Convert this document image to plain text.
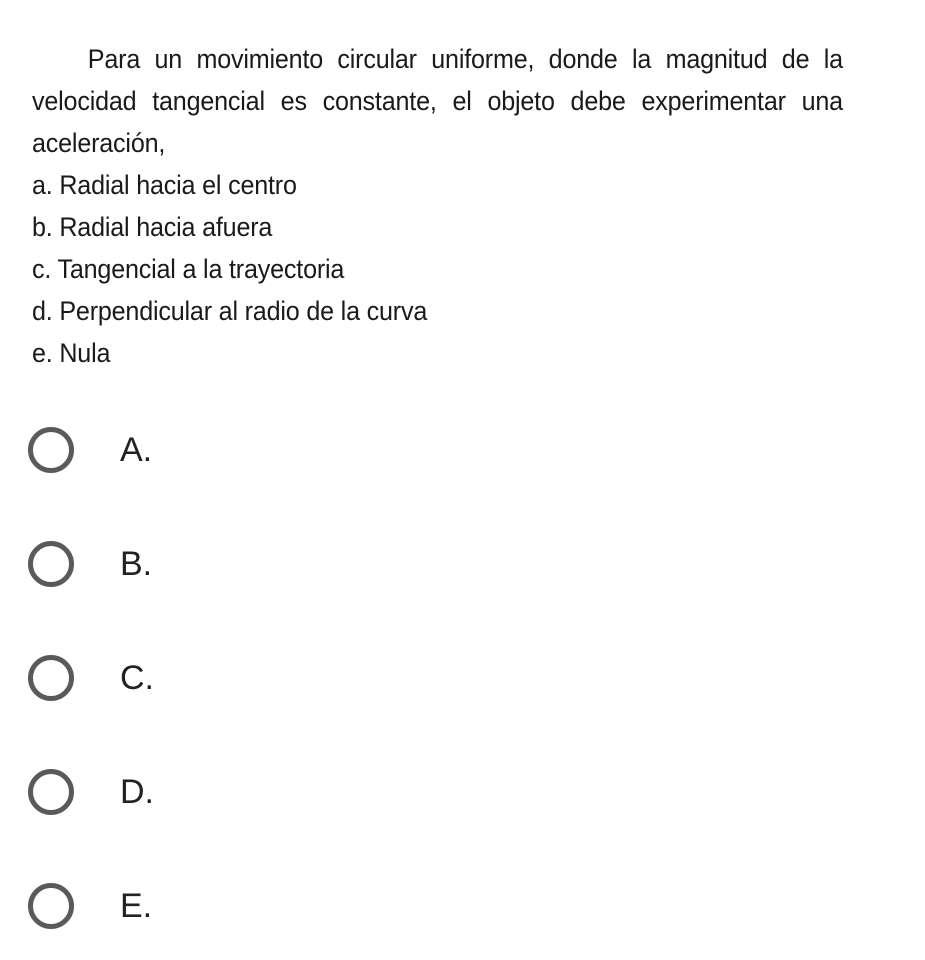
Para un movimiento circular uniforme, donde la magnitud de la velocidad tangencial es constante, el objeto debe experimentar una aceleración,

a. Radial hacia el centro
b. Radial hacia afuera
c. Tangencial a la trayectoria
d. Perpendicular al radio de la curva
e. Nula
A.
B.
C.
D.
E.
